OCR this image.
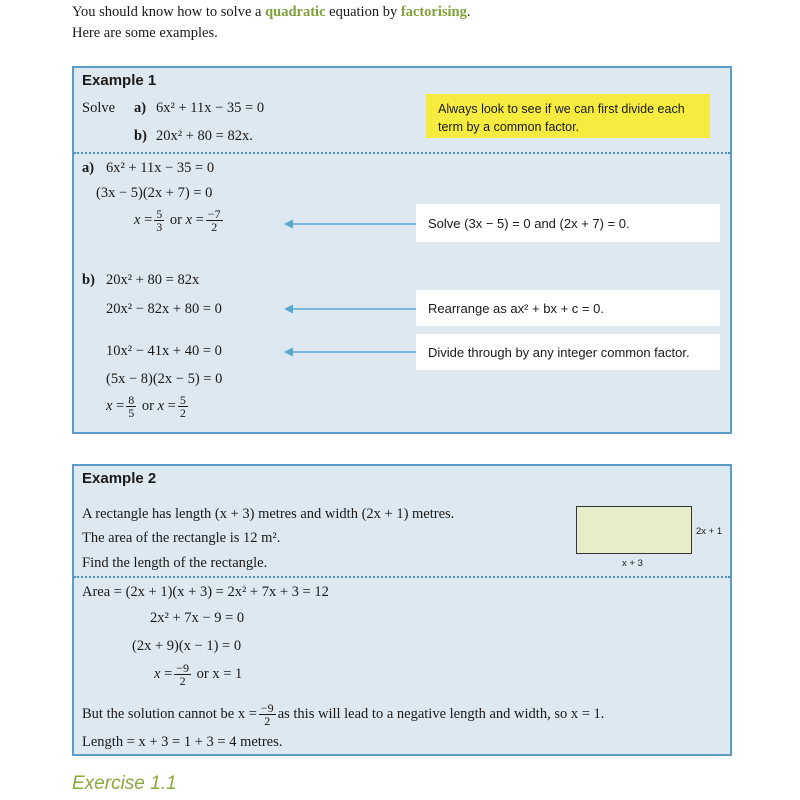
You should know how to solve a quadratic equation by factorising.
Here are some examples.
Example 1
Solve a) 6x² + 11x − 35 = 0
b) 20x² + 80 = 82x.
Always look to see if we can first divide each term by a common factor.
a) 6x² + 11x − 35 = 0
(3x − 5)(2x + 7) = 0
$x = \frac{5}{3}$ or $x = \frac{-7}{2}$	Solve (3x − 5) = 0 and (2x + 7) = 0.
b) 20x² + 80 = 82x
20x² − 82x + 80 = 0	Rearrange as ax² + bx + c = 0.
10x² − 41x + 40 = 0	Divide through by any integer common factor.
(5x − 8)(2x − 5) = 0
$x = \frac{8}{5}$ or $x = \frac{5}{2}$
Example 2
A rectangle has length (x + 3) metres and width (2x + 1) metres.
The area of the rectangle is 12 m².
Find the length of the rectangle.
2x + 1
x + 3
Area = (2x + 1)(x + 3) = 2x² + 7x + 3 = 12
2x² + 7x − 9 = 0
(2x + 9)(x − 1) = 0
$x = \frac{-9}{2}$ or x = 1
But the solution cannot be $x = \frac{-9}{2}$ as this will lead to a negative length and width, so x = 1.
Length = x + 3 = 1 + 3 = 4 metres.
Exercise 1.1
